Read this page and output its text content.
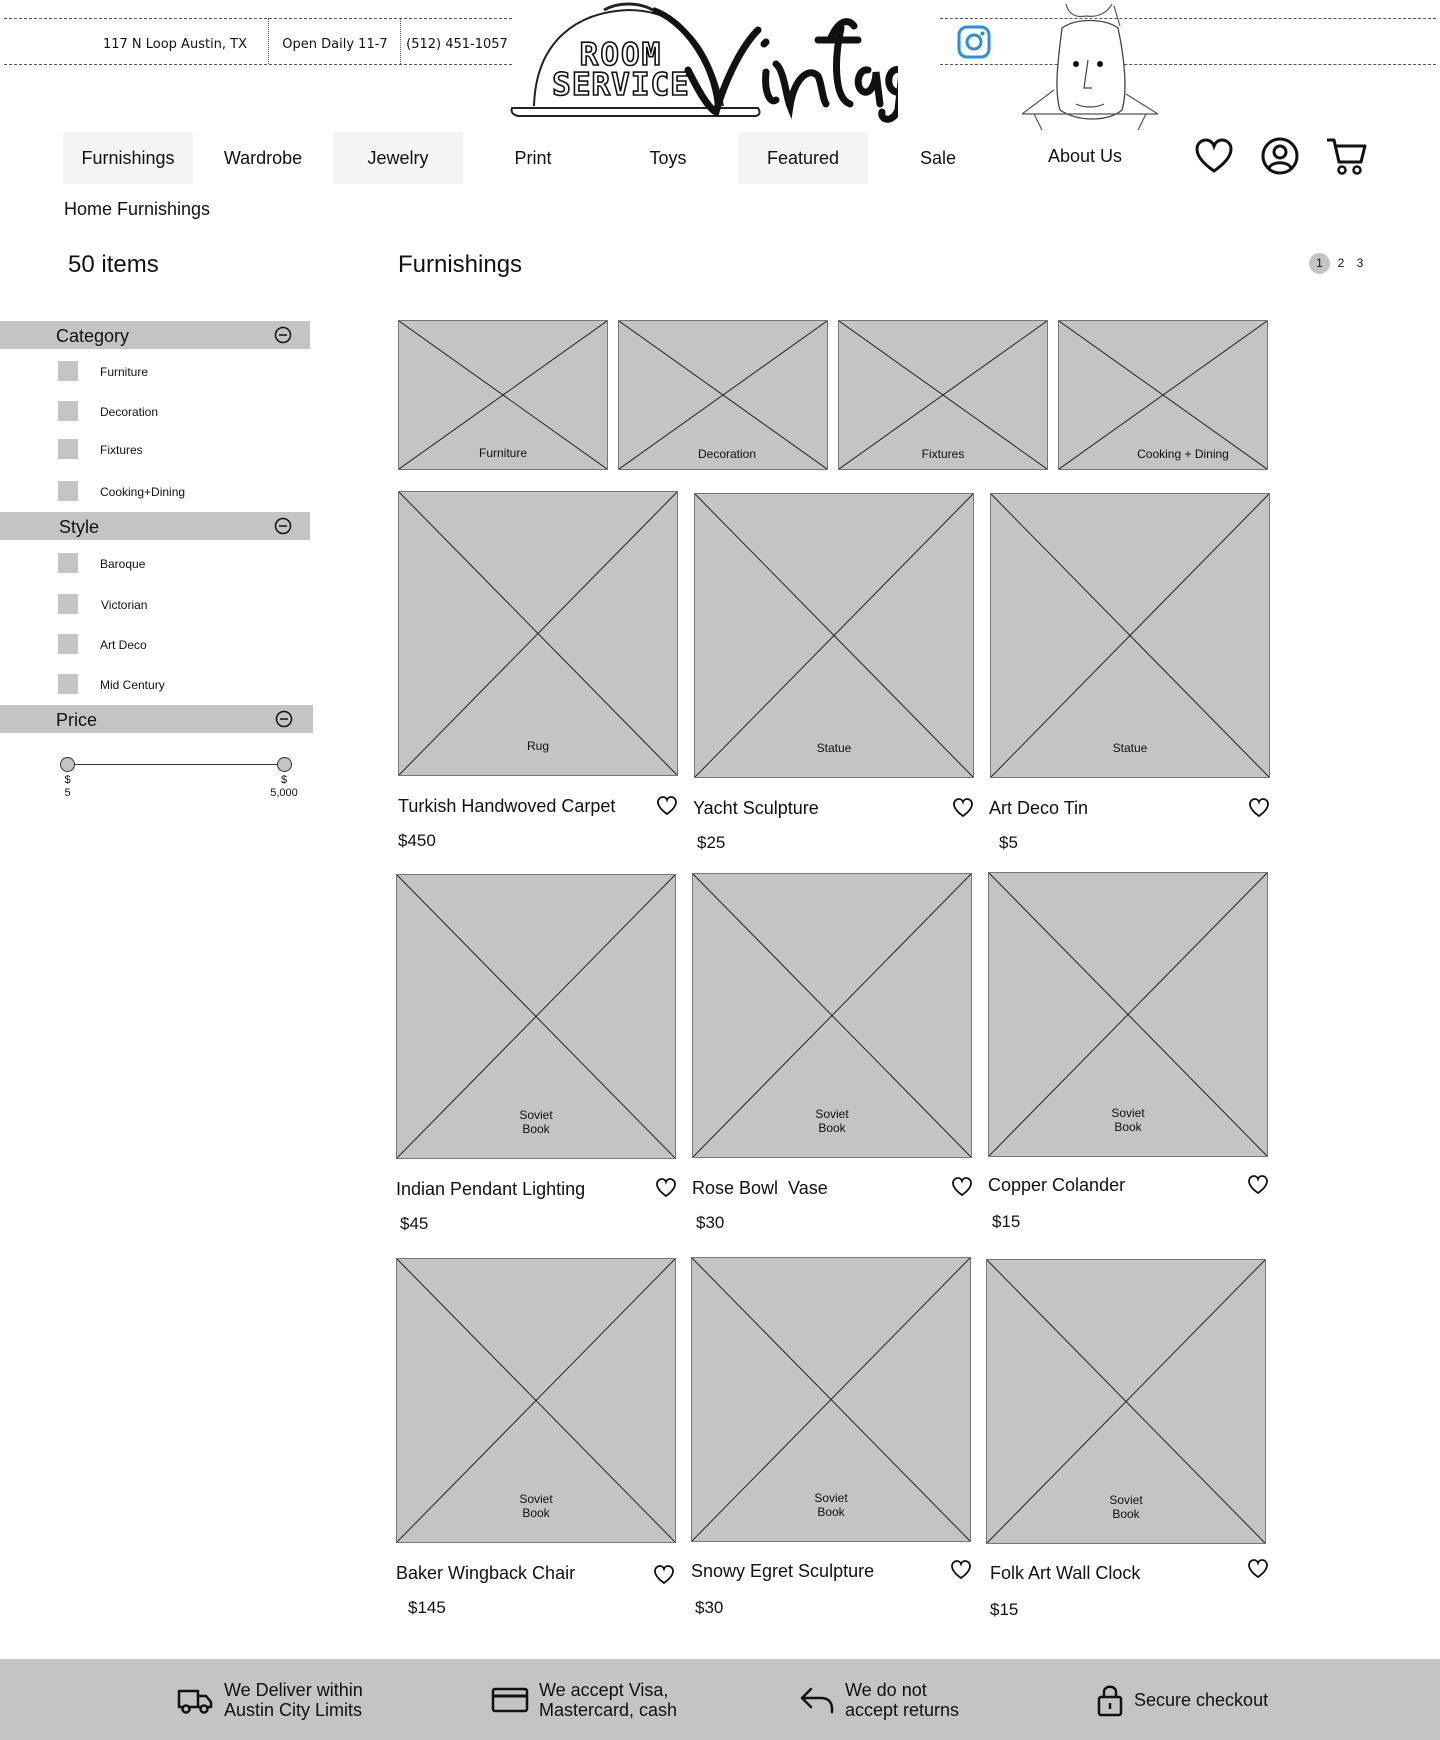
117 N Loop Austin, TX	Open Daily 11-7	(512) 451-1057	ROOM
SERVICE
Furnishings	Wardrobe	Jewelry	Print	Toys	Featured	Sale	About Us
Home Furnishings
50 items	Furnishings	1	2	3
Category
Furniture
Decoration
Fixtures
Cooking+Dining
Style
Baroque
Victorian
Art Deco
Mid Century
Price
$
5
$
5,000
Furniture	Decoration	Fixtures	Cooking + Dining
Rug
Turkish Handwoved Carpet
$450
Statue
Yacht Sculpture
$25
Statue
Art Deco Tin
$5
Soviet
Book
Indian Pendant Lighting
$45
Soviet
Book
Rose Bowl  Vase
$30
Soviet
Book
Copper Colander
$15
Soviet
Book
Baker Wingback Chair
$145
Soviet
Book
Snowy Egret Sculpture
$30
Soviet
Book
Folk Art Wall Clock
$15
We Deliver within
Austin City Limits
We accept Visa,
Mastercard, cash
We do not
accept returns	Secure checkout
